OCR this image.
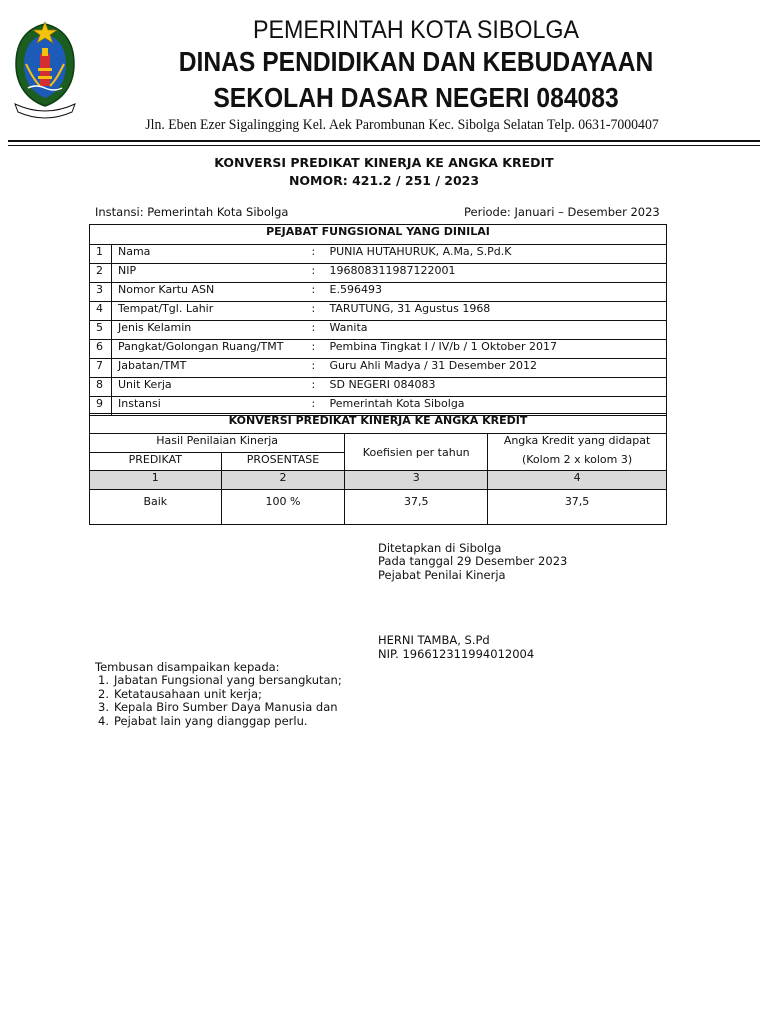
PEMERINTAH KOTA SIBOLGA
DINAS PENDIDIKAN DAN KEBUDAYAAN
SEKOLAH DASAR NEGERI 084083
Jln. Eben Ezer Sigalingging Kel. Aek Parombunan Kec. Sibolga Selatan Telp. 0631-7000407
KONVERSI PREDIKAT KINERJA KE ANGKA KREDIT
NOMOR: 421.2 / 251 / 2023
Instansi: Pemerintah Kota Sibolga	Periode: Januari – Desember 2023
PEJABAT FUNGSIONAL YANG DINILAI			
1	Nama	:	PUNIA HUTAHURUK, A.Ma, S.Pd.K
2	NIP	:	196808311987122001
3	Nomor Kartu ASN	:	E.596493
4	Tempat/Tgl. Lahir	:	TARUTUNG, 31 Agustus 1968
5	Jenis Kelamin	:	Wanita
6	Pangkat/Golongan Ruang/TMT	:	Pembina Tingkat I / IV/b / 1 Oktober 2017
7	Jabatan/TMT	:	Guru Ahli Madya / 31 Desember 2012
8	Unit Kerja	:	SD NEGERI 084083
9	Instansi	:	Pemerintah Kota Sibolga
KONVERSI PREDIKAT KINERJA KE ANGKA KREDIT			
Hasil Penilaian Kinerja		Koefisien per tahun	Angka Kredit yang didapat
PREDIKAT	PROSENTASE		(Kolom 2 x kolom 3)
1	2	3	4
Baik	100 %	37,5	37,5
Ditetapkan di Sibolga
Pada tanggal 29 Desember 2023
Pejabat Penilai Kinerja
HERNI TAMBA, S.Pd
NIP. 196612311994012004
Tembusan disampaikan kepada:
1. Jabatan Fungsional yang bersangkutan;
2. Ketatausahaan unit kerja;
3. Kepala Biro Sumber Daya Manusia dan
4. Pejabat lain yang dianggap perlu.
